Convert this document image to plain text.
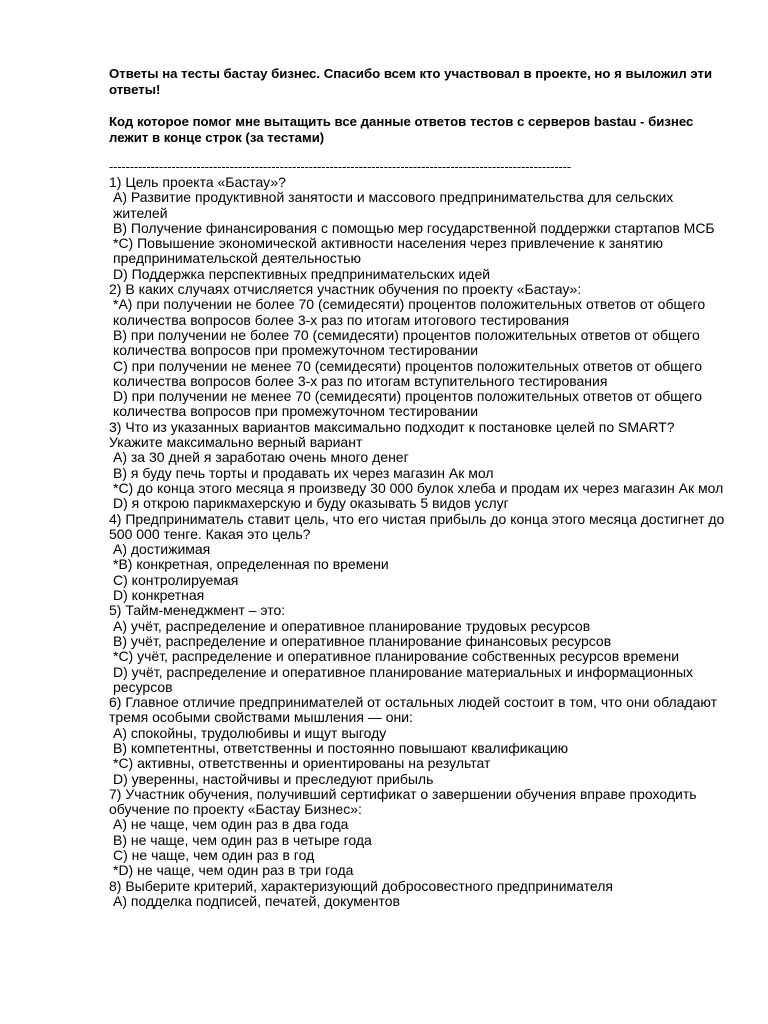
Ответы на тесты бастау бизнес. Спасибо всем кто участвовал в проекте, но я выложил эти ответы!

Код которое помог мне вытащить все данные ответов тестов с серверов bastau - бизнес лежит в конце строк (за тестами)

---------------------------------------------------------------------------------------------------------------
1) Цель проекта «Бастау»?
A) Развитие продуктивной занятости и массового предпринимательства для сельских жителей
B) Получение финансирования с помощью мер государственной поддержки стартапов МСБ
*C) Повышение экономической активности населения через привлечение к занятию предпринимательской деятельностью
D) Поддержка перспективных предпринимательских идей
2) В каких случаях отчисляется участник обучения по проекту «Бастау»:
*A) при получении не более 70 (семидесяти) процентов положительных ответов от общего количества вопросов более 3-х раз по итогам итогового тестирования
B) при получении не более 70 (семидесяти) процентов положительных ответов от общего количества вопросов при промежуточном тестировании
C) при получении не менее 70 (семидесяти) процентов положительных ответов от общего количества вопросов более 3-х раз по итогам вступительного тестирования
D) при получении не менее 70 (семидесяти) процентов положительных ответов от общего количества вопросов при промежуточном тестировании
3) Что из указанных вариантов максимально подходит к постановке целей по SMART? Укажите максимально верный вариант
A) за 30 дней я заработаю очень много денег
B) я буду печь торты и продавать их через магазин Ак мол
*C) до конца этого месяца я произведу 30 000 булок хлеба и продам их через магазин Ак мол
D) я открою парикмахерскую и буду оказывать 5 видов услуг
4) Предприниматель ставит цель, что его чистая прибыль до конца этого месяца достигнет до 500 000 тенге. Какая это цель?
A) достижимая
*B) конкретная, определенная по времени
C) контролируемая
D) конкретная
5) Тайм-менеджмент – это:
A) учёт, распределение и оперативное планирование трудовых ресурсов
B) учёт, распределение и оперативное планирование финансовых ресурсов
*C) учёт, распределение и оперативное планирование собственных ресурсов времени
D) учёт, распределение и оперативное планирование материальных и информационных ресурсов
6) Главное отличие предпринимателей от остальных людей состоит в том, что они обладают тремя особыми свойствами мышления — они:
A) спокойны, трудолюбивы и ищут выгоду
B) компетентны, ответственны и постоянно повышают квалификацию
*C) активны, ответственны и ориентированы на результат
D) уверенны, настойчивы и преследуют прибыль
7) Участник обучения, получивший сертификат о завершении обучения вправе проходить обучение по проекту «Бастау Бизнес»:
A) не чаще, чем один раз в два года
B) не чаще, чем один раз в четыре года
C) не чаще, чем один раз в год
*D) не чаще, чем один раз в три года
8) Выберите критерий, характеризующий добросовестного предпринимателя
A) подделка подписей, печатей, документов
